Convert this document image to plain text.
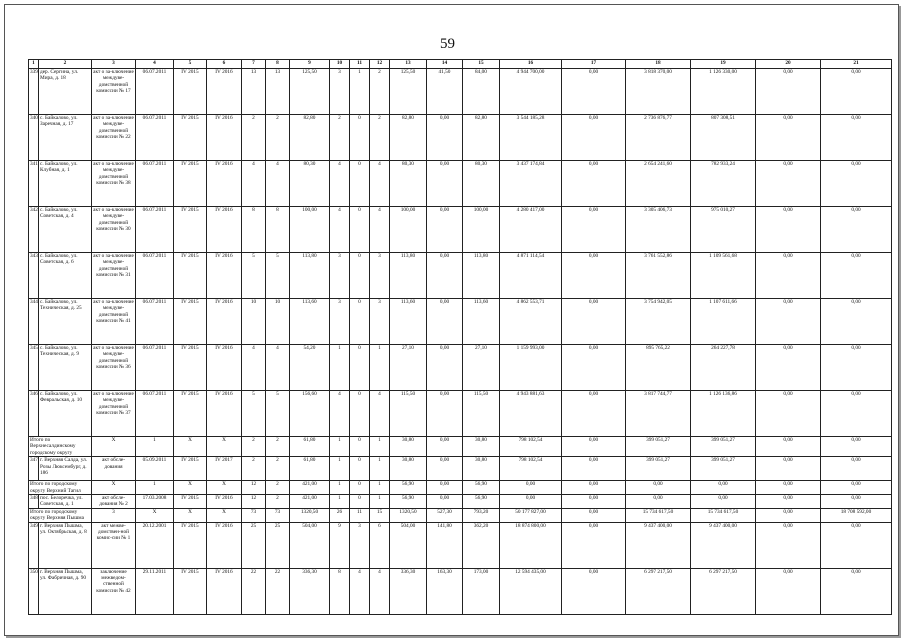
59
1	2	3	4	5	6	7	8	9	10	11	12	13	14	15	16	17	18	19	20	21
339	дер. Сергина, ул. Мира, д. 18	акт о за-ключение междуве-домственной комиссии № 17	06.07.2011	IV 2015	IV 2016	13	13	125,50	3	1	2	125,50	41,50	84,00	4 944 700,00	0,00	3 818 370,00	1 126 330,00	0,00	0,00
340	с. Байкалово, ул. Заречная, д. 17	акт о за-ключение междуве-домственной комиссии № 22	06.07.2011	IV 2015	IV 2016	2	2	82,80	2	0	2	82,80	0,00	82,80	3 544 185,28	0,00	2 736 876,77	807 308,51	0,00	0,00
341	с. Байкалово, ул. Клубная, д. 1	акт о за-ключение междуве-домственной комиссии № 38	06.07.2011	IV 2015	IV 2016	4	4	80,30	4	0	4	80,30	0,00	80,30	3 437 174,84	0,00	2 654 241,60	782 933,24	0,00	0,00
342	с. Байкалово, ул. Советская, д. 4	акт о за-ключение междуве-домственной комиссии № 30	06.07.2011	IV 2015	IV 2016	8	8	100,00	4	0	4	100,00	0,00	100,00	4 280 417,00	0,00	3 305 406,73	975 010,27	0,00	0,00
343	с. Байкалово, ул. Советская, д. 6	акт о за-ключение междуве-домственной комиссии № 31	06.07.2011	IV 2015	IV 2016	5	5	113,80	3	0	3	113,80	0,00	113,80	4 871 114,54	0,00	3 761 552,86	1 109 561,68	0,00	0,00
344	с. Байкалово, ул. Техническая, д. 25	акт о за-ключение междуве-домственной комиссии № 41	06.07.2011	IV 2015	IV 2016	10	10	113,60	3	0	3	113,60	0,00	113,60	4 862 553,71	0,00	3 754 942,05	1 107 611,66	0,00	0,00
345	с. Байкалово, ул. Техническая, д. 9	акт о за-ключение междуве-домственной комиссии № 36	06.07.2011	IV 2015	IV 2016	4	4	54,20	1	0	1	27,10	0,00	27,10	1 159 993,00	0,00	895 765,22	264 227,78	0,00	0,00
346	с. Байкалово, ул. Февральская, д. 10	акт о за-ключение междуве-домственной комиссии № 37	06.07.2011	IV 2015	IV 2016	5	5	156,60	4	0	4	115,50	0,00	115,50	4 943 881,63	0,00	3 817 744,77	1 126 136,86	0,00	0,00
Итого по Верхнесалдинскому городскому округу		X	1	X	X	2	2	61,80	1	0	1	30,80	0,00	30,80	798 102,54	0,00	399 051,27	399 051,27	0,00	0,00
347	г. Верхняя Салда, ул. Розы Люксембург, д. 186	акт обсле-дования	05.09.2011	IV 2015	IV 2017	2	2	61,80	1	0	1	30,80	0,00	30,80	798 102,54	0,00	399 051,27	399 051,27	0,00	0,00
Итого по городскому округу Верхний Тагил		X	1	X	X	12	2	421,00	1	0	1	56,90	0,00	56,90	0,00	0,00	0,00	0,00	0,00	0,00
348	пос. Белоречка, ул. Советская, д. 1	акт обсле-дования № 2	17.03.2008	IV 2015	IV 2016	12	2	421,00	1	0	1	56,90	0,00	56,90	0,00	0,00	0,00	0,00	0,00	0,00
Итого по городскому округу Верхняя Пышма		3	X	X	X	73	73	1320,50	26	11	15	1320,50	527,30	793,20	50 177 827,00	0,00	15 734 617,50	15 734 617,50	0,00	18 708 592,00
349	г. Верхняя Пышма, ул. Октябрьская, д. 8	акт межве-домствен-ной комис-сии № 1	20.12.2001	IV 2015	IV 2016	25	25	504,00	9	3	6	504,00	141,80	362,20	18 874 800,00	0,00	9 437 400,00	9 437 400,00	0,00	0,00
350	г. Верхняя Пышма, ул. Фабричная, д. 90	заключение межведом-ственной комиссии № 42	29.11.2011	IV 2015	IV 2016	22	22	336,30	8	4	4	336,30	163,30	173,00	12 594 435,00	0,00	6 297 217,50	6 297 217,50	0,00	0,00
